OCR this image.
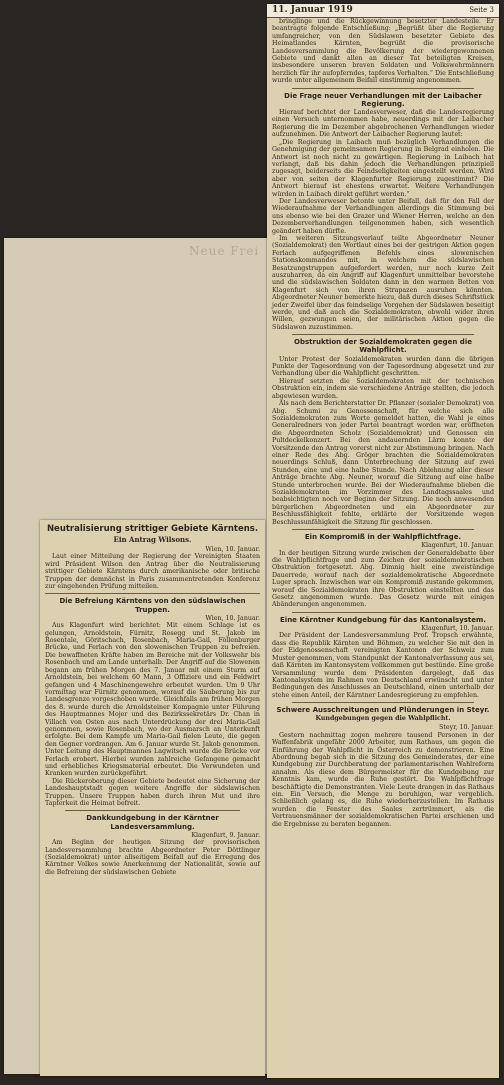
Neue Frei
11. Januar 1919	Seite 3

bringlinge und die Rückgewinnung besetzter Landesteile. Er beantragte folgende Entschließung: „Begrüßt über die Regierung umfangreicher, von den Südslawen besetzter Gebiete des Heimatlandes Kärnten, begrüßt die provisorische Landesversammlung die Bevölkerung der wiedergewonnenen Gebiete und dankt allen an dieser Tat beteiligten Kreisen, insbesondere unseren braven Soldaten und Volkswehrmännern herzlich für ihr aufopferndes, tapferes Verhalten.“ Die Entschließung wurde unter allgemeinem Beifall einstimmig angenommen.

Die Frage neuer Verhandlungen mit der Laibacher Regierung.

Hierauf berichtet der Landesverweser, daß die Landesregierung einen Versuch unternommen habe, neuerdings mit der Laibacher Regierung die im Dezember abgebrochenen Verhandlungen wieder aufzunehmen. Die Antwort der Laibacher Regierung lautet:

„Die Regierung in Laibach muß bezüglich Verhandlungen die Genehmigung der gemeinsamen Regierung in Belgrad einholen. Die Antwort ist noch nicht zu gewärtigen. Regierung in Laibach hat verlangt, daß bis dahin jedoch die Verhandlungen prinzipiell zugesagt, beiderseits die Feindseligkeiten eingestellt werden. Wird aber von seiten der Klagenfurter Regierung zugestimmt? Die Antwort hierauf ist ehestens erwartet. Weitere Verhandlungen würden in Laibach direkt geführt werden.“

Der Landesverweser betonte unter Beifall, daß für den Fall der Wiederaufnahme der Verhandlungen allerdings die Stimmung bei uns ebenso wie bei den Grazer und Wiener Herren, welche an den Dezemberverhandlungen teilgenommen haben, sich wesentlich geändert haben dürfte.

Im weiteren Sitzungsverlauf teilte Abgeordneter Neuner (Sozialdemokrat) den Wortlaut eines bei der gestrigen Aktion gegen Ferlach aufgegriffenen Befehls eines slowenischen Stationskommandos mit, in welchem die südslawischen Besatzungstruppen aufgefordert werden, nur noch kurze Zeit auszuharren, da ein Angriff auf Klagenfurt unmittelbar bevorstehe und die südslawischen Soldaten dann in den warmen Betten von Klagenfurt sich von ihren Strapazen ausruhen könnten. Abgeordneter Neuner bemerkte hiezu, daß durch dieses Schriftstück jeder Zweifel über das feindselige Vorgehen der Südslawen beseitigt werde, und daß auch die Sozialdemokraten, obwohl wider ihren Willen, gezwungen seien, der militärischen Aktion gegen die Südslawen zuzustimmen.

Obstruktion der Sozialdemokraten gegen die Wahlpflicht.

Unter Protest der Sozialdemokraten wurden dann die übrigen Punkte der Tagesordnung von der Tagesordnung abgesetzt und zur Verhandlung über die Wahlpflicht geschritten.

Hierauf setzten die Sozialdemokraten mit der technischen Obstruktion ein, indem sie verschiedene Anträge stellten, die jedoch abgewiesen wurden.

Als nach dem Berichterstatter Dr. Pflanzer (sozialer Demokrat) von Abg. Schumi zu Genossenschaft, für welche sich alle Sozialdemokraten zum Worte gemeldet hatten, die Wahl je eines Generalredners von jeder Partei beantragt worden war, eröffneten die Abgeordneten Scholz (Sozialdemokrat) und Genossen ein Pultdeckelkonzert. Bei den andauernden Lärm konnte der Vorsitzende den Antrag vorerst nicht zur Abstimmung bringen. Nach einer Rede des Abg. Gröger brachten die Sozialdemokraten neuerdings Schluß, dann Unterbrechung der Sitzung auf zwei Stunden, eine und eine halbe Stunde. Nach Ablehnung aller dieser Anträge brachte Abg. Neuner, worauf die Sitzung auf eine halbe Stunde unterbrochen wurde. Bei der Wiederaufnahme blieben die Sozialdemokraten im Vorzimmer des Landtagssaales und beabsichtigten noch vor Beginn der Sitzung. Die noch anwesenden bürgerlichen Abgeordneten und ein Abgeordneter zur Beschlussfähigkeit fehlte, erklärte der Vorsitzende wegen Beschlussunfähigkeit die Sitzung für geschlossen.

Ein Kompromiß in der Wahlpflichtfrage.

Klagenfurt, 10. Januar.

In der heutigen Sitzung wurde zwischen der Generaldebatte über die Wahlpflichtfrage und zum Zeichen der sozialdemokratischen Obstruktion fortgesetzt. Abg. Dimnig hielt eine zweistündige Dauerrede, worauf nach der sozialdemokratische Abgeordnete Luger sprach. Inzwischen war ein Kompromiß zustande gekommen, worauf die Sozialdemokraten ihre Obstruktion einstellten und das Gesetz angenommen wurde. Das Gesetz wurde mit einigen Abänderungen angenommen.

Eine Kärntner Kundgebung für das Kantonalsystem.

Klagenfurt, 10. Januar.

Der Präsident der Landesversammlung Prof. Tropsch erwähnte, dass die Republik Kärnten und Böhmen, zu welcher Sie mit den in der Eidgenossenschaft vereinigten Kantonen der Schweiz zum Muster genommen, vom Standpunkt der Kantonalverfassung aus sei, daß Kärnten im Kantonsystem vollkommen gut bestünde. Eine große Versammlung wurde dem Präsidenten dargelegt, daß das Kantonalsystem im Rahmen von Deutschland erwünscht und unter Bedingungen des Anschlusses an Deutschland, einen unterhalb der stehe einen Anteil, der Kärntner Landesregierung zu empfehlen.

Schwere Ausschreitungen und Plünderungen in Steyr.
Kundgebungen gegen die Wahlpflicht.

Steyr, 10. Januar.

Gestern nachmittag zogen mehrere tausend Personen in der Waffenfabrik ungefähr 2000 Arbeiter, zum Rathaus, um gegen die Einführung der Wahlpflicht in Österreich zu demonstrieren. Eine Abordnung begab sich in die Sitzung des Gemeinderates, der eine Kundgebung zur Durchberatung der parlamentarischen Wahlreform annahm. Als diese dem Bürgermeister für die Kundgebung zur Kenntnis kam, wurde die Ruhe gestört. Die Wahlpflichtfrage beschäftigte die Demonstranten. Viele Leute drangen in das Rathaus ein. Ein Versuch, die Menge zu beruhigen, war vergeblich. Schließlich gelang es, die Ruhe wiederherzustellen. Im Rathaus wurden die Fenster des Saales zertrümmert, als die Vertrauensmänner der sozialdemokratischen Partei erschienen und die Ergebnisse zu beraten begannen.

Neutralisierung strittiger Gebiete Kärntens.
Ein Antrag Wilsons.

Wien, 10. Januar.

Laut einer Mitteilung der Regierung der Vereinigten Staaten wird Präsident Wilson den Antrag über die Neutralisierung strittiger Gebiete Kärntens durch amerikanische oder britische Truppen der demnächst in Paris zusammentretenden Konferenz zur eingehenden Prüfung mitteilen.

Die Befreiung Kärntens von den südslawischen Truppen.

Wien, 10. Januar.

Aus Klagenfurt wird berichtet: Mit einem Schlage ist es gelungen, Arnoldstein, Fürnitz, Rosegg und St. Jakob im Rosentale, Göritschach, Rosenbach, Maria-Gail, Föllenburger Brücke, und Ferlach von den slowenischen Truppen zu befreien. Die bewaffneten Kräfte haben im Bereiche mit der Volkswehr bis Rosenbach und am Lande unterhalb. Der Angriff auf die Slowenen begann am frühen Morgen des 7. Januar mit einem Sturm auf Arnoldstein, bei welchem 60 Mann, 3 Offiziere und ein Feldwirt gefangen und 4 Maschinengewehre erbeutet wurden. Um 9 Uhr vormittag war Fürnitz genommen, worauf die Säuberung bis zur Landesgrenze vorgeschoben wurde. Gleichfalls am frühen Morgen des 8. wurde durch die Arnoldsteiner Kompagnie unter Führung des Hauptmannes Mojer und des Bezirkssekretärs Dr. Chan in Villach von Osten aus nach Unterdrückung der drei Maria-Gail genommen, sowie Rosenbach, wo der Ausmarsch an Unterkunft erfolgte. Bei dem Kampfe um Maria-Gail fielen Leute, die gegen den Gegner vordrangen. Am 6. Januar wurde St. Jakob genommen. Unter Leitung des Hauptmannes Lagwitsch wurde die Brücke vor Ferlach erobert. Hierbei wurden zahlreiche Gefangene gemacht und erhebliches Kriegsmaterial erbeutet. Die Verwundeten und Kranken wurden zurückgeführt.

Die Rückeroberung dieser Gebiete bedeutet eine Sicherung der Landeshauptstadt gegen weitere Angriffe der südslawischen Truppen. Unsere Truppen haben durch ihren Mut und ihre Tapferkeit die Heimat befreit.

Dankkundgebung in der Kärntner Landesversammlung.

Klagenfurt, 9. Januar.

Am Beginn der heutigen Sitzung der provisorischen Landesversammlung brachte Abgeordneter Peter Döttlinger (Sozialdemokrat) unter allseitigem Beifall auf die Erregung des Kärntner Volkes sowie Anerkennung der Nationalität, sowie auf die Befreiung der südslawischen Gebiete
